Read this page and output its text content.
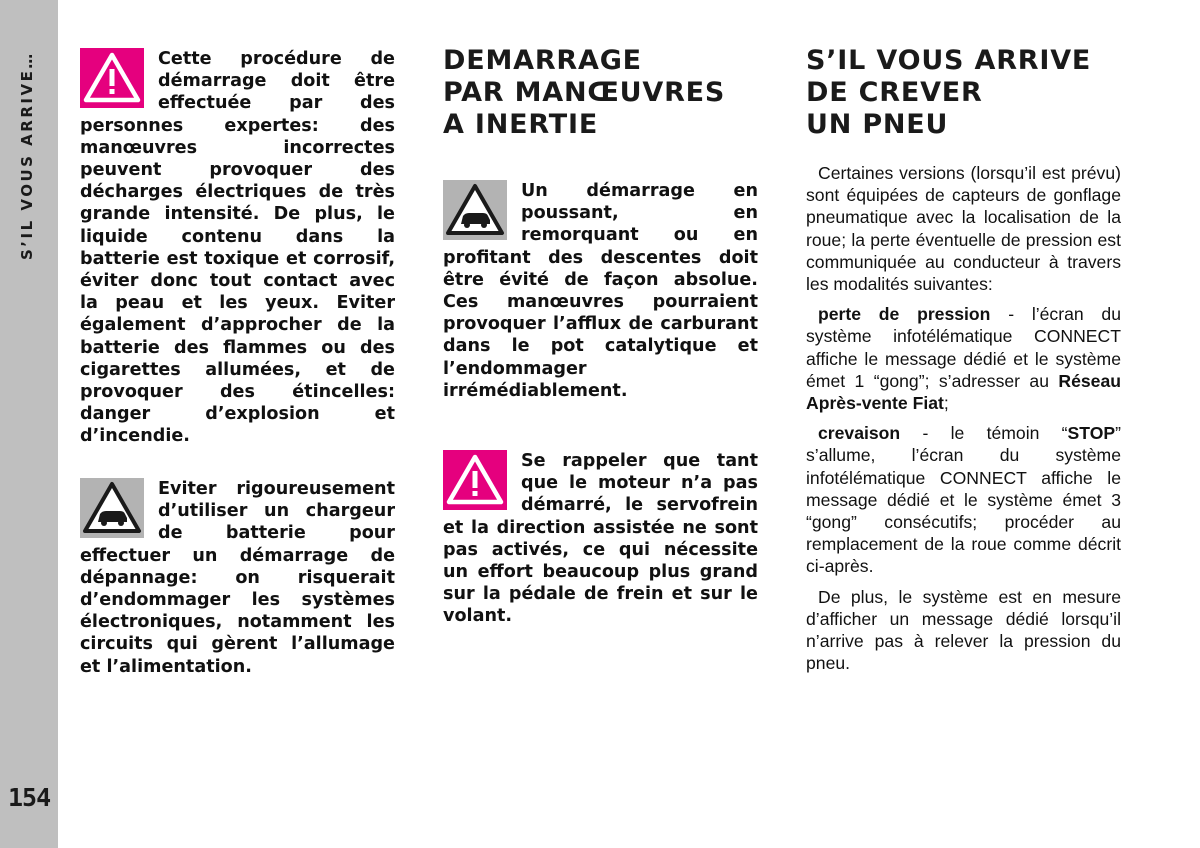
S’IL VOUS ARRIVE…
154
Cette procédure de démarrage doit être effectuée par des personnes expertes: des manœuvres incorrectes peuvent provoquer des décharges électriques de très grande intensité. De plus, le liquide contenu dans la batterie est toxique et corrosif, éviter donc tout contact avec la peau et les yeux. Eviter également d’approcher de la batterie des flammes ou des cigarettes allumées, et de provoquer des étincelles: danger d’explosion et d’incendie.
Eviter rigoureusement d’utiliser un chargeur de batterie pour effectuer un démarrage de dépannage: on risquerait d’endommager les systèmes électroniques, notamment les circuits qui gèrent l’allumage et l’alimentation.
DEMARRAGE
PAR MANŒUVRES
A INERTIE
Un démarrage en poussant, en remorquant ou en profitant des descentes doit être évité de façon absolue. Ces manœuvres pourraient provoquer l’afflux de carburant dans le pot catalytique et l’endommager irrémédiablement.
Se rappeler que tant que le moteur n’a pas démarré, le servofrein et la direction assistée ne sont pas activés, ce qui nécessite un effort beaucoup plus grand sur la pédale de frein et sur le volant.
S’IL VOUS ARRIVE
DE CREVER
UN PNEU

Certaines versions (lorsqu’il est prévu) sont équipées de capteurs de gonflage pneumatique avec la localisation de la roue; la perte éventuelle de pression est communiquée au conducteur à travers les modalités suivantes:

perte de pression - l’écran du système infotélématique CONNECT affiche le message dédié et le système émet 1 “gong”; s’adresser au Réseau Après-vente Fiat;

crevaison - le témoin “STOP” s’allume, l’écran du système infotélématique CONNECT affiche le message dédié et le système émet 3 “gong” consécutifs; procéder au remplacement de la roue comme décrit ci-après.

De plus, le système est en mesure d’afficher un message dédié lorsqu’il n’arrive pas à relever la pression du pneu.
